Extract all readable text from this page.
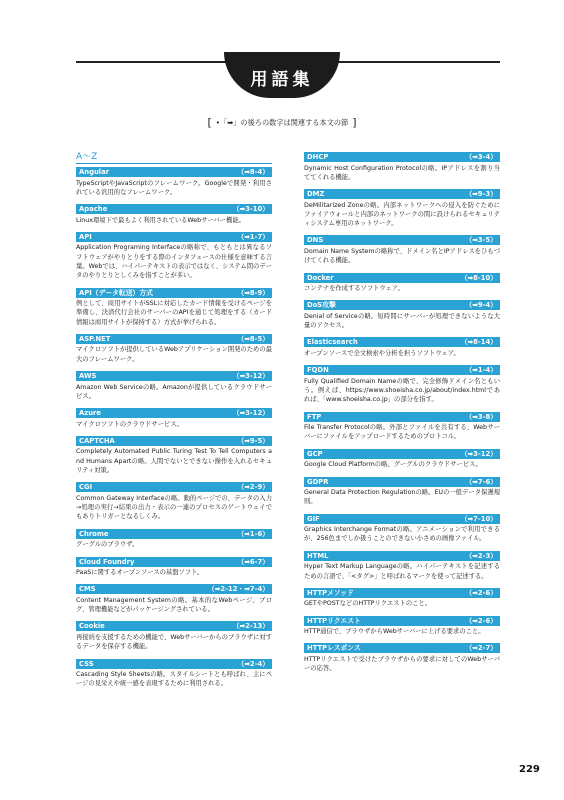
用語集
[ •「➡」の後ろの数字は関連する本文の節 ]
A～Z
Angular	（➡8-4）
TypeScriptやJavaScriptのフレームワーク。Googleで開発・利用されている汎用的なフレームワーク。
Apache	（➡3-10）
Linux環境下で最もよく利用されているWebサーバー機能。
API	（➡1-7）
Application Programing Interfaceの略称で、もともとは異なるソフトウェアがやりとりをする際のインタフェースの仕様を意味する言葉。Webでは、ハイパーテキストの表示ではなく、システム間のデータのやりとりとしくみを指すことが多い。
API（データ転送）方式	（➡8-9）
例として、商用サイトがSSLに対応したカード情報を受けるページを準備し、決済代行会社のサーバーのAPIを通じて処理をする（カード情報は商用サイトが保持する）方式が挙げられる。
ASP.NET	（➡8-5）
マイクロソフトが提供しているWebアプリケーション開発のための最大のフレームワーク。
AWS	（➡3-12）
Amazon Web Serviceの略。Amazonが提供しているクラウドサービス。
Azure	（➡3-12）
マイクロソフトのクラウドサービス。
CAPTCHA	（➡9-5）
Completely Automated Public Turing Test To Tell Computers and Humans Apartの略。人間でないとできない操作を入れるセキュリティ対策。
CGI	（➡2-9）
Common Gateway Interfaceの略。動的ページでの、データの入力→処理の実行→結果の出力・表示の一連のプロセスのゲートウェイでもありトリガーとなるしくみ。
Chrome	（➡1-6）
グーグルのブラウザ。
Cloud Foundry	（➡6-7）
PaaSに関するオープンソースの基盤ソフト。
CMS	（➡2-12・➡7-4）
Content Management Systemの略。基本的なWebページ、ブログ、管理機能などがパッケージングされている。
Cookie	（➡2-13）
再接続を支援するための機能で、Webサーバーからのブラウザに対するデータを保存する機能。
CSS	（➡2-4）
Cascading Style Sheetsの略。スタイルシートとも呼ばれ、主にページの見栄えや統一感を表現するために利用される。
DHCP	（➡3-4）
Dynamic Host Configuration Protocolの略。IPアドレスを割り当ててくれる機能。
DMZ	（➡9-3）
DeMilitarized Zoneの略。内部ネットワークへの侵入を防ぐためにファイアウォールと内部のネットワークの間に設けられるセキュリティシステム専用のネットワーク。
DNS	（➡3-5）
Domain Name Systemの略称で、ドメイン名とIPアドレスをひもづけてくれる機能。
Docker	（➡8-10）
コンテナを作成するソフトウェア。
DoS攻撃	（➡9-4）
Denial of Serviceの略。短時間にサーバーが処理できないような大量のアクセス。
Elasticsearch	（➡8-14）
オープンソースで全文検索や分析を担うソフトウェア。
FQDN	（➡1-4）
Fully Qualified Domain Nameの略で、完全修飾ドメイン名ともいう。例えば、https://www.shoeisha.co.jp/about/index.htmlであれば、「www.shoeisha.co.jp」の部分を指す。
FTP	（➡3-8）
File Transfer Protocolの略。外部とファイルを共有する、Webサーバーにファイルをアップロードするためのプロトコル。
GCP	（➡3-12）
Google Cloud Platformの略。グーグルのクラウドサービス。
GDPR	（➡7-6）
General Data Protection Regulationの略。EUの一般データ保護規則。
GIF	（➡7-10）
Graphics Interchange Formatの略。アニメーションで利用できるが、256色までしか扱うことのできない小さめの画像ファイル。
HTML	（➡2-3）
Hyper Text Markup Languageの略。ハイパーテキストを記述するための言語で、「<タグ>」と呼ばれるマークを使って記述する。
HTTPメソッド	（➡2-6）
GETやPOSTなどのHTTPリクエストのこと。
HTTPリクエスト	（➡2-6）
HTTP通信で、ブラウザからWebサーバーに上げる要求のこと。
HTTPレスポンス	（➡2-7）
HTTPリクエストで受けたブラウザからの要求に対してのWebサーバーの応答。
229
